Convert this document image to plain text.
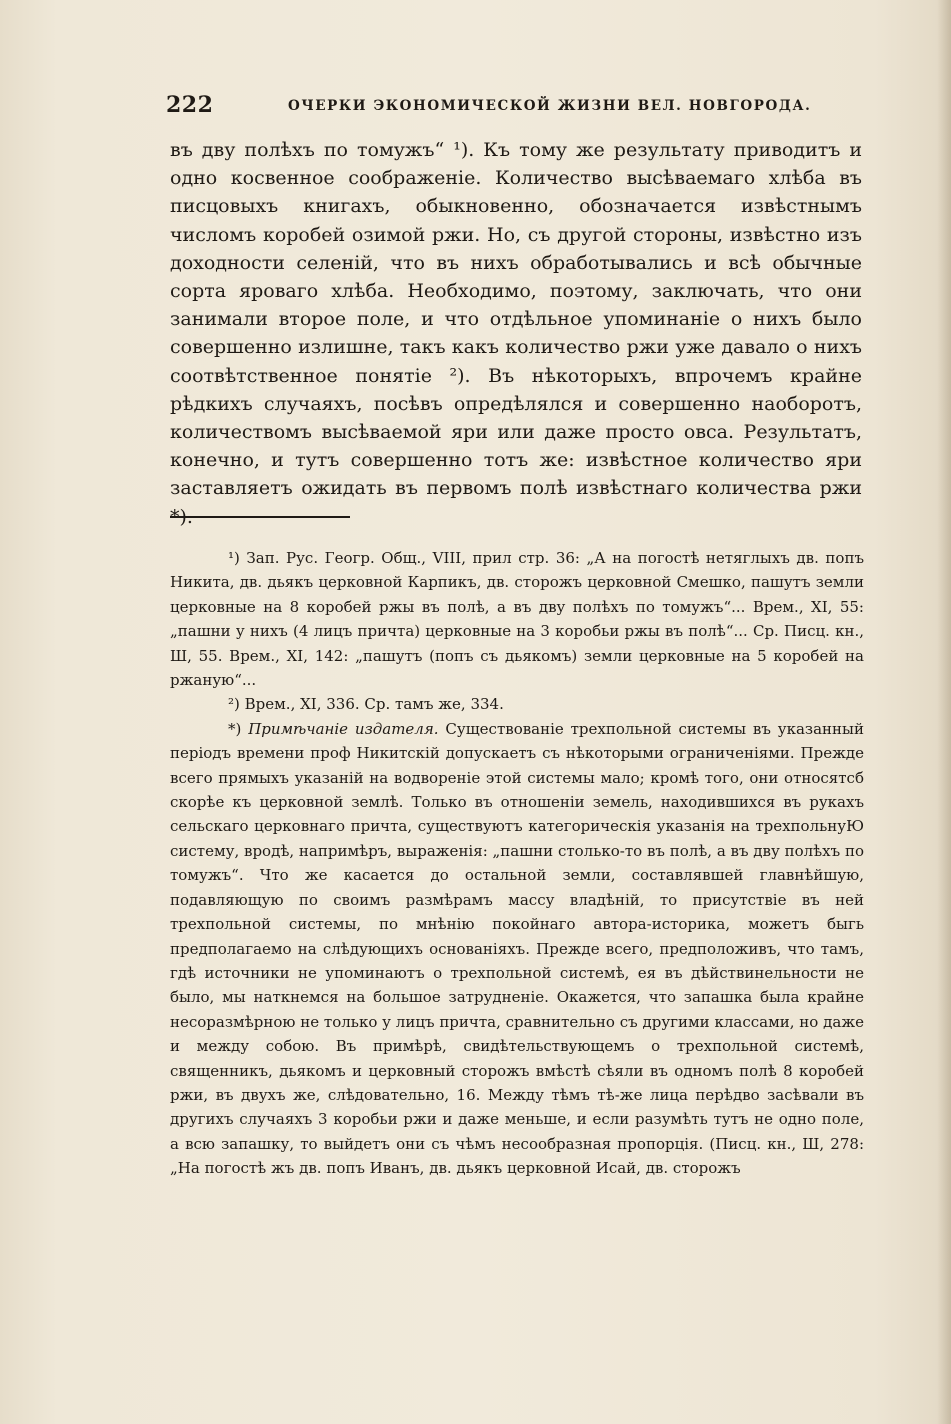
222	ОЧЕРКИ ЭКОНОМИЧЕСКОЙ ЖИЗНИ ВЕЛ. НОВГОРОДА.

въ дву полѣхъ по томужъ“ ¹). Къ тому же результату приводитъ и одно косвенное соображенiе. Количество высѣваемаго хлѣба въ писцовыхъ книгахъ, обыкновенно, обозначается извѣстнымъ числомъ коробей озимой ржи. Но, съ другой стороны, извѣстно изъ доходности селенiй, что въ нихъ обработывались и всѣ обычные сорта яроваго хлѣба. Необходимо, поэтому, заключать, что они занимали второе поле, и что отдѣльное упоминанiе о нихъ было совершенно излишне, такъ какъ количество ржи уже давало о нихъ соотвѣтственное понятiе ²). Въ нѣкоторыхъ, впрочемъ крайне рѣдкихъ случаяхъ, посѣвъ опредѣлялся и совершенно наоборотъ, количествомъ высѣваемой яри или даже просто овса. Результатъ, конечно, и тутъ совершенно тотъ же: извѣстное количество яри заставляетъ ожидать въ первомъ полѣ извѣстнаго количества ржи *).

¹) Зап. Рус. Геогр. Общ., VIII, прил стр. 36: „А на погостѣ нетяглыхъ дв. попъ Никита, дв. дьякъ церковной Карпикъ, дв. сторожъ церковной Смешко, пашутъ земли церковные на 8 коробей ржы въ полѣ, а въ дву полѣхъ по томужъ“... Врем., XI, 55: „пашни у нихъ (4 лицъ причта) церковные на 3 коробьи ржы въ полѣ“... Ср. Писц. кн., Ш, 55. Врем., XI, 142: „пашутъ (попъ съ дьякомъ) земли церковные на 5 коробей на ржаную“...

²) Врем., XI, 336. Ср. тамъ же, 334.

*) Примѣчанiе издателя. Существованiе трехпольной системы въ указанный перiодъ времени проф Никитскiй допускаетъ съ нѣкоторыми ограниченiями. Прежде всего прямыхъ указанiй на водворенiе этой системы мало; кромѣ того, они относятсб скорѣе къ церковной землѣ. Только въ отношенiи земель, находившихся въ рукахъ сельскаго церковнаго причта, существуютъ категорическiя указанiя на трехпольнуЮ систему, вродѣ, напримѣръ, выраженiя: „пашни столько-то въ полѣ, а въ дву полѣхъ по томужъ“. Что же касается до остальной земли, составлявшей главнѣйшую, подавляющую по своимъ размѣрамъ массу владѣнiй, то присутствiе въ ней трехпольной системы, по мнѣнiю покойнаго автора-историка, можетъ быгь предполагаемо на слѣдующихъ основанiяхъ. Прежде всего, предположивъ, что тамъ, гдѣ источники не упоминаютъ о трехпольной системѣ, ея въ дѣйствинельности не было, мы наткнемся на большое затрудненiе. Окажется, что запашка была крайне несоразмѣрною не только у лицъ причта, сравнительно съ другими классами, но даже и между собою. Въ примѣрѣ, свидѣтельствующемъ о трехпольной системѣ, священникъ, дьякомъ и церковный сторожъ вмѣстѣ сѣяли въ одномъ полѣ 8 коробей ржи, въ двухъ же, слѣдовательно, 16. Между тѣмъ тѣ-же лица перѣдво засѣвали въ другихъ случаяхъ 3 коробьи ржи и даже меньше, и если разумѣть тутъ не одно поле, а всю запашку, то выйдетъ они съ чѣмъ несообразная пропорцiя. (Писц. кн., Ш, 278: „На погостѣ жъ дв. попъ Иванъ, дв. дьякъ церковной Исай, дв. сторожъ
